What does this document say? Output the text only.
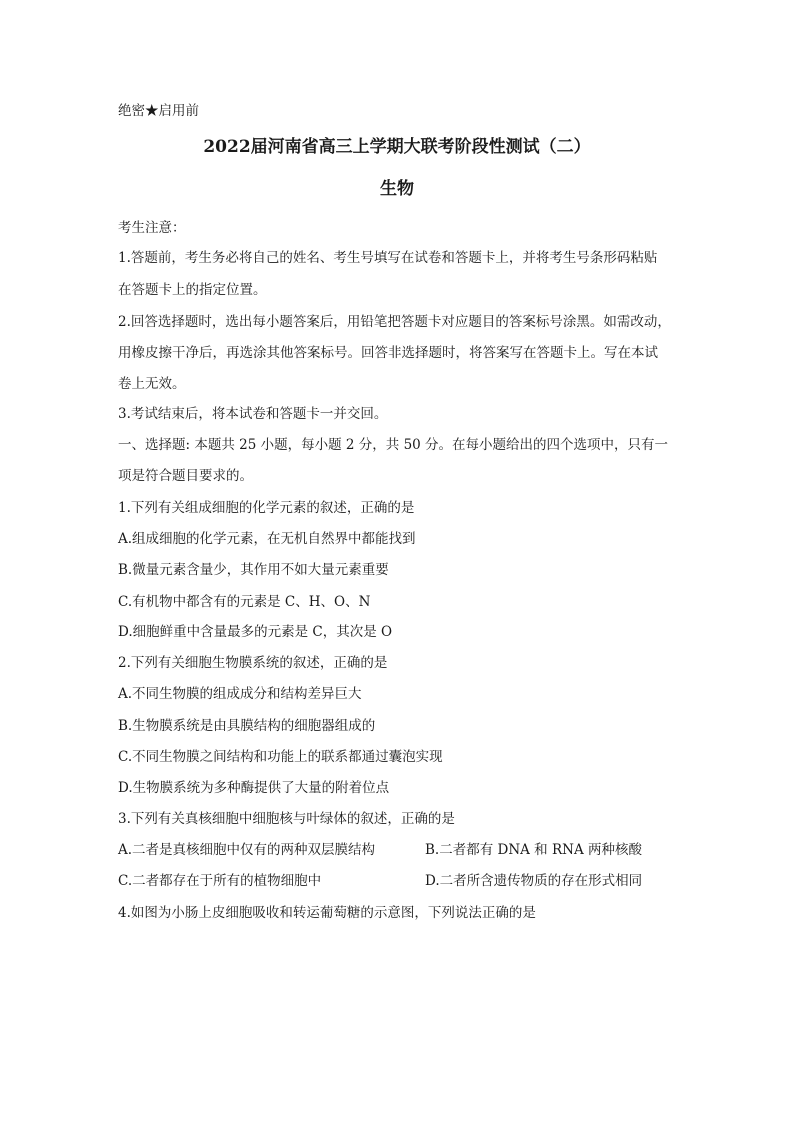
绝密★启用前
2022届河南省高三上学期大联考阶段性测试（二）
生物
考生注意：
1.答题前，考生务必将自己的姓名、考生号填写在试卷和答题卡上，并将考生号条形码粘贴
在答题卡上的指定位置。
2.回答选择题时，选出每小题答案后，用铅笔把答题卡对应题目的答案标号涂黑。如需改动，
用橡皮擦干净后，再选涂其他答案标号。回答非选择题时，将答案写在答题卡上。写在本试
卷上无效。
3.考试结束后，将本试卷和答题卡一并交回。
一、选择题: 本题共 25 小题，每小题 2 分，共 50 分。在每小题给出的四个选项中，只有一
项是符合题目要求的。
1.下列有关组成细胞的化学元素的叙述，正确的是
A.组成细胞的化学元素，在无机自然界中都能找到
B.微量元素含量少，其作用不如大量元素重要
C.有机物中都含有的元素是 C、H、O、N
D.细胞鲜重中含量最多的元素是 C，其次是 O
2.下列有关细胞生物膜系统的叙述，正确的是
A.不同生物膜的组成成分和结构差异巨大
B.生物膜系统是由具膜结构的细胞器组成的
C.不同生物膜之间结构和功能上的联系都通过囊泡实现
D.生物膜系统为多种酶提供了大量的附着位点
3.下列有关真核细胞中细胞核与叶绿体的叙述，正确的是
A.二者是真核细胞中仅有的两种双层膜结构	B.二者都有 DNA 和 RNA 两种核酸
C.二者都存在于所有的植物细胞中	D.二者所含遗传物质的存在形式相同
4.如图为小肠上皮细胞吸收和转运葡萄糖的示意图，下列说法正确的是
